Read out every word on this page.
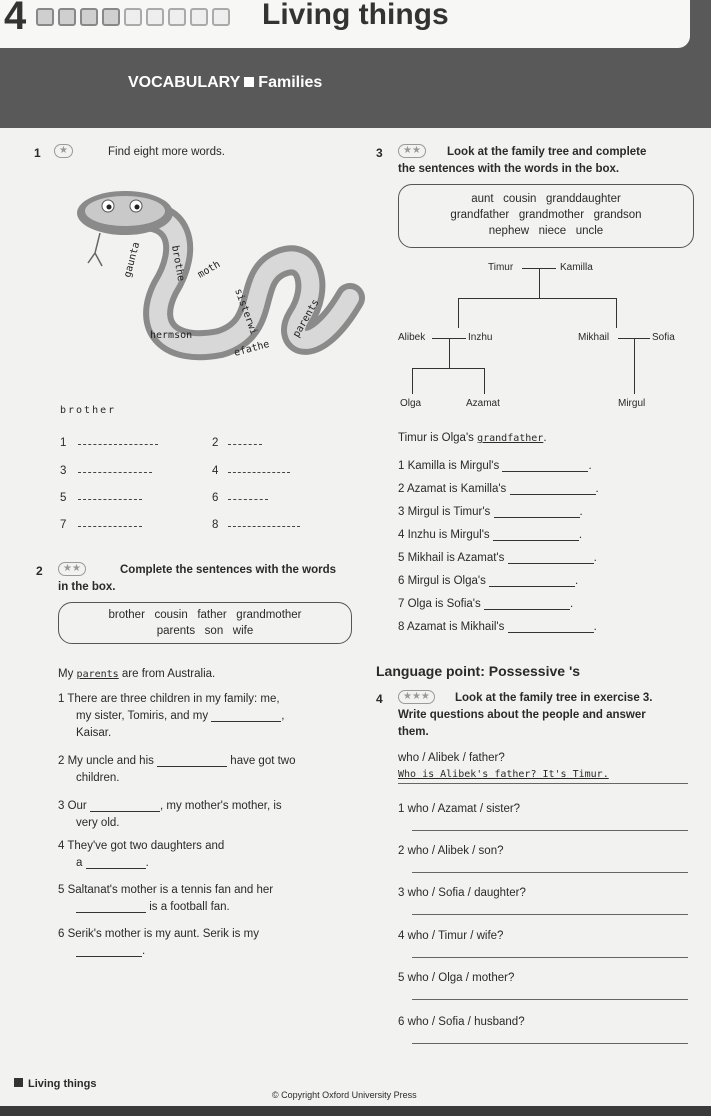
4	Living things
VOCABULARY Families
1	★	Find eight more words.
brothe
gaunta
hermson
moth
sisterwi
efathe
parents
brother
1	2
3	4
5	6
7	8
2	★★	Complete the sentences with the words
in the box.
brother   cousin   father   grandmother
parents   son   wife
My parents are from Australia.
1 There are three children in my family: me,
my sister, Tomiris, and my	,
Kaisar.
2 My uncle and his	have got two
children.
3 Our	, my mother's mother, is
very old.
4 They've got two daughters and
a	.
5 Saltanat's mother is a tennis fan and her
is a football fan.
6 Serik's mother is my aunt. Serik is my
.
3	★★	Look at the family tree and complete
the sentences with the words in the box.
aunt   cousin   granddaughter
grandfather   grandmother   grandson
nephew   niece   uncle
Timur	Kamilla
Alibek	Inzhu	Mikhail	Sofia
Olga	Azamat	Mirgul
Timur is Olga's grandfather.
1 Kamilla is Mirgul's	.
2 Azamat is Kamilla's	.
3 Mirgul is Timur's	.
4 Inzhu is Mirgul's	.
5 Mikhail is Azamat's	.
6 Mirgul is Olga's	.
7 Olga is Sofia's	.
8 Azamat is Mikhail's	.
Language point: Possessive 's
4	★★★	Look at the family tree in exercise 3.
Write questions about the people and answer
them.
who / Alibek / father?
Who is Alibek's father? It's Timur.
1 who / Azamat / sister?
2 who / Alibek / son?
3 who / Sofia / daughter?
4 who / Timur / wife?
5 who / Olga / mother?
6 who / Sofia / husband?
Living things
© Copyright Oxford University Press
